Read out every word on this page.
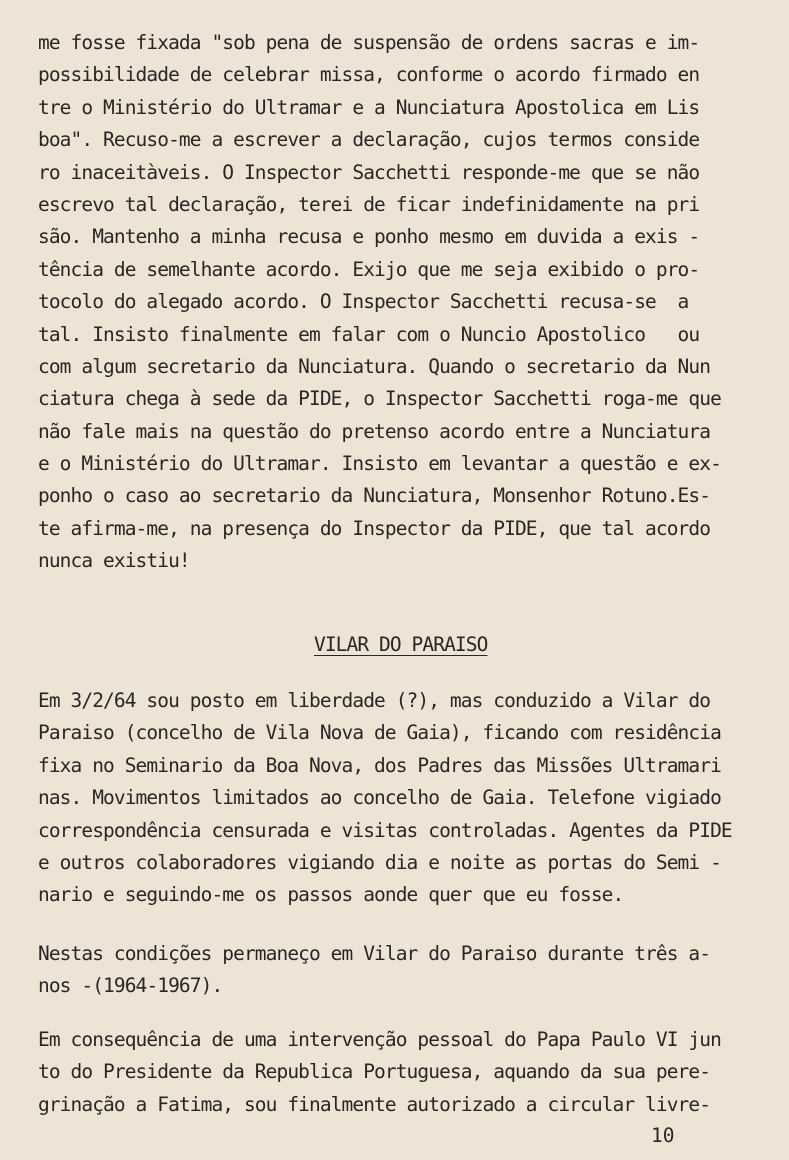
me fosse fixada "sob pena de suspensão de ordens sacras e im-
possibilidade de celebrar missa, conforme o acordo firmado en
tre o Ministério do Ultramar e a Nunciatura Apostolica em Lis
boa". Recuso-me a escrever a declaração, cujos termos conside
ro inaceitàveis. O Inspector Sacchetti responde-me que se não
escrevo tal declaração, terei de ficar indefinidamente na pri
são. Mantenho a minha recusa e ponho mesmo em duvida a exis -
tência de semelhante acordo. Exijo que me seja exibido o pro-
tocolo do alegado acordo. O Inspector Sacchetti recusa-se  a
tal. Insisto finalmente em falar com o Nuncio Apostolico   ou
com algum secretario da Nunciatura. Quando o secretario da Nun
ciatura chega à sede da PIDE, o Inspector Sacchetti roga-me que
não fale mais na questão do pretenso acordo entre a Nunciatura
e o Ministério do Ultramar. Insisto em levantar a questão e ex-
ponho o caso ao secretario da Nunciatura, Monsenhor Rotuno.Es-
te afirma-me, na presença do Inspector da PIDE, que tal acordo
nunca existiu!
VILAR DO PARAISO
Em 3/2/64 sou posto em liberdade (?), mas conduzido a Vilar do
Paraiso (concelho de Vila Nova de Gaia), ficando com residência
fixa no Seminario da Boa Nova, dos Padres das Missões Ultramari
nas. Movimentos limitados ao concelho de Gaia. Telefone vigiado
correspondência censurada e visitas controladas. Agentes da PIDE
e outros colaboradores vigiando dia e noite as portas do Semi -
nario e seguindo-me os passos aonde quer que eu fosse.
Nestas condições permaneço em Vilar do Paraiso durante três a-
nos -(1964-1967).
Em consequência de uma intervenção pessoal do Papa Paulo VI jun
to do Presidente da Republica Portuguesa, aquando da sua pere-
grinação a Fatima, sou finalmente autorizado a circular livre-
10
